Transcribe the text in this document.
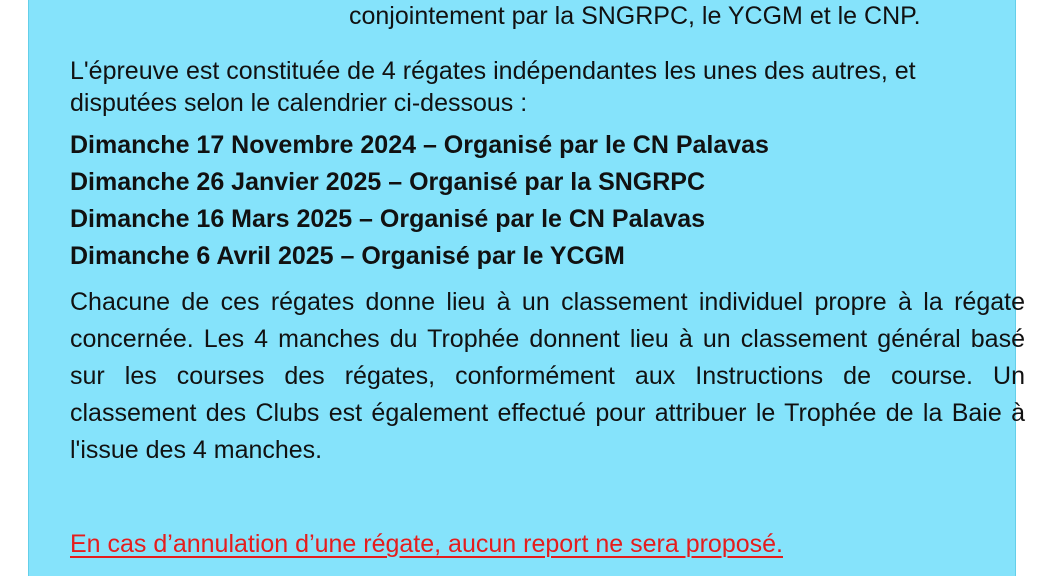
conjointement par la SNGRPC, le YCGM et le CNP.
L'épreuve est constituée de 4 régates indépendantes les unes des autres, et disputées selon le calendrier ci-dessous :
Dimanche 17 Novembre 2024 – Organisé par le CN Palavas
Dimanche 26 Janvier 2025 – Organisé par la SNGRPC
Dimanche 16 Mars 2025 – Organisé par le CN Palavas
Dimanche 6 Avril 2025 – Organisé par le YCGM
Chacune de ces régates donne lieu à un classement individuel propre à la régate concernée. Les 4 manches du Trophée donnent lieu à un classement général basé sur les courses des régates, conformément aux Instructions de course. Un classement des Clubs est également effectué pour attribuer le Trophée de la Baie à l'issue des 4 manches.
En cas d’annulation d’une régate, aucun report ne sera proposé.
